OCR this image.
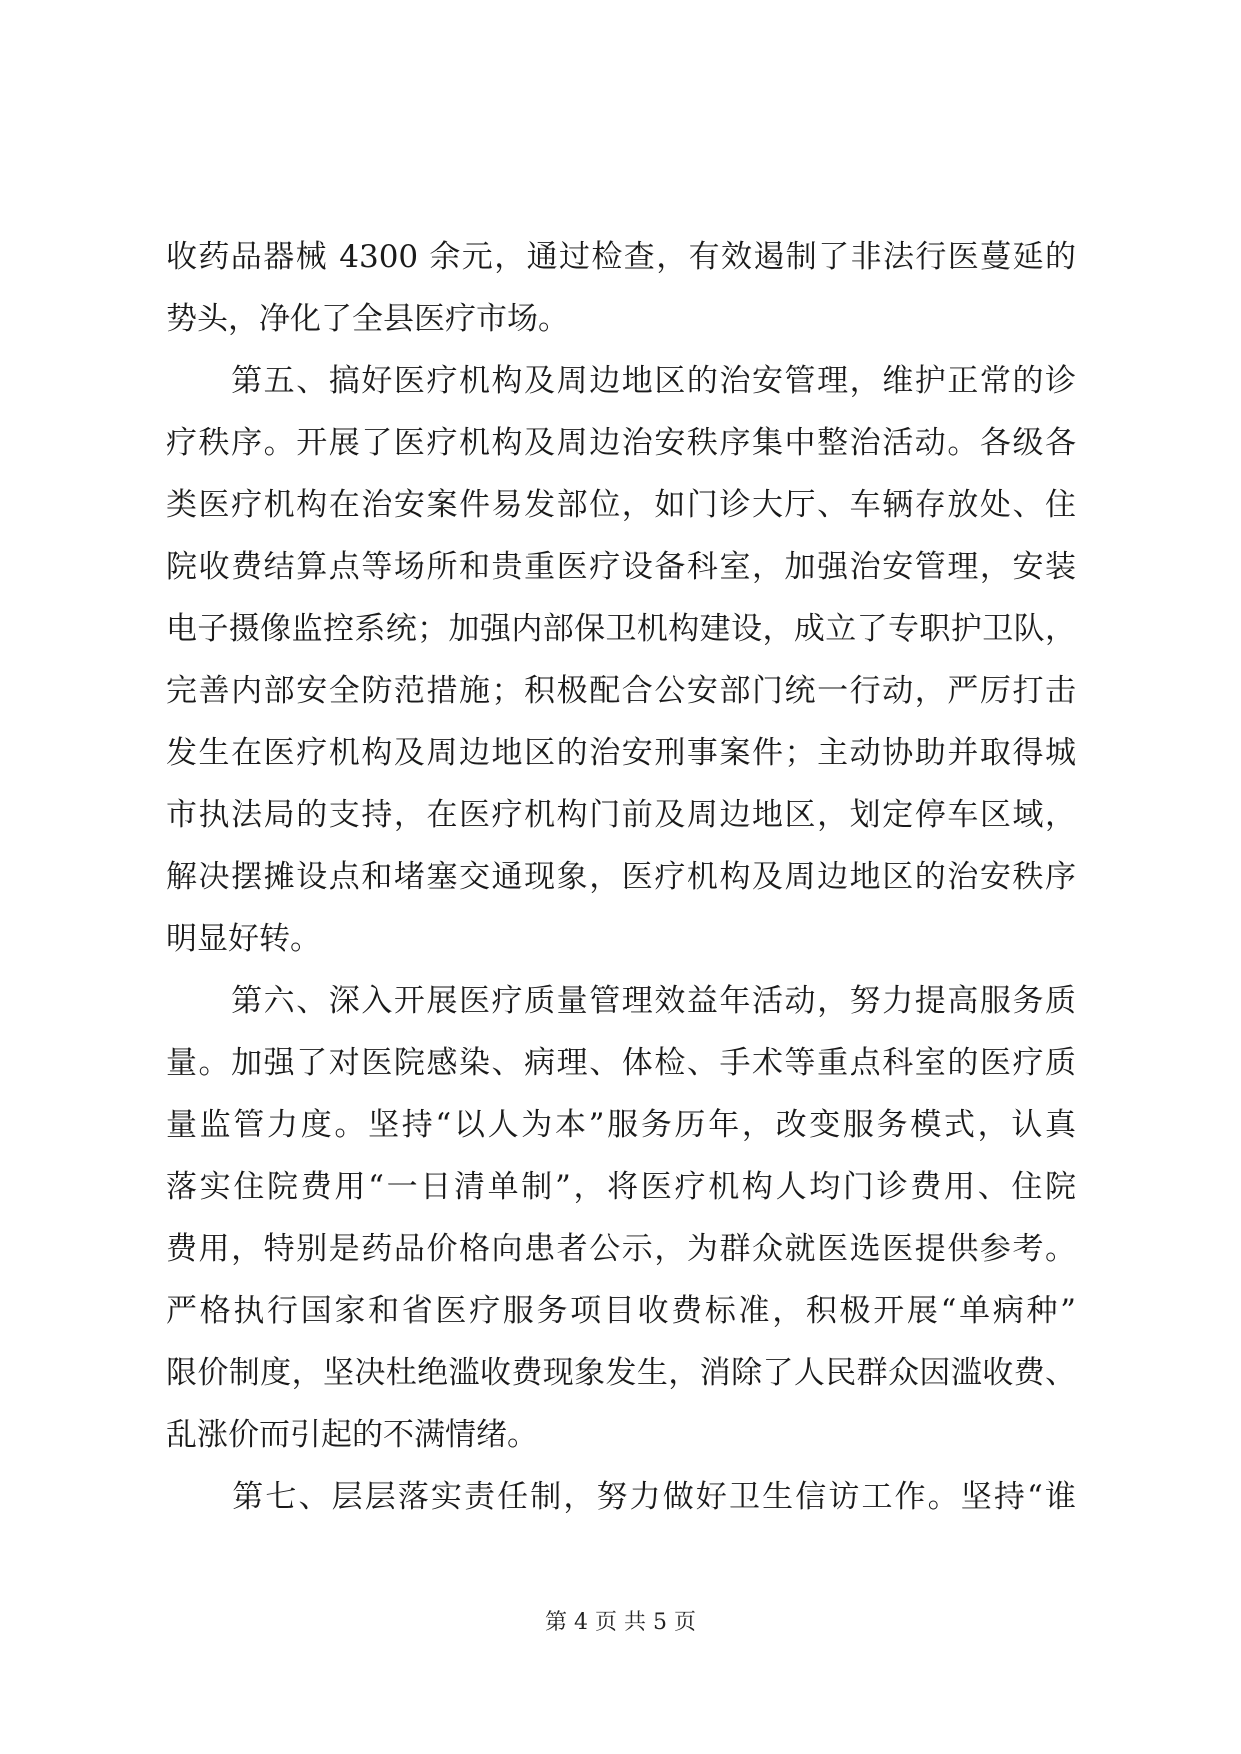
收药品器械 4300 余元，通过检查，有效遏制了非法行医蔓延的
势头，净化了全县医疗市场。
　　第五、搞好医疗机构及周边地区的治安管理，维护正常的诊
疗秩序。开展了医疗机构及周边治安秩序集中整治活动。各级各
类医疗机构在治安案件易发部位，如门诊大厅、车辆存放处、住
院收费结算点等场所和贵重医疗设备科室，加强治安管理，安装
电子摄像监控系统；加强内部保卫机构建设，成立了专职护卫队，
完善内部安全防范措施；积极配合公安部门统一行动，严厉打击
发生在医疗机构及周边地区的治安刑事案件；主动协助并取得城
市执法局的支持，在医疗机构门前及周边地区，划定停车区域，
解决摆摊设点和堵塞交通现象，医疗机构及周边地区的治安秩序
明显好转。
　　第六、深入开展医疗质量管理效益年活动，努力提高服务质
量。加强了对医院感染、病理、体检、手术等重点科室的医疗质
量监管力度。坚持“以人为本”服务历年，改变服务模式，认真
落实住院费用“一日清单制”，将医疗机构人均门诊费用、住院
费用，特别是药品价格向患者公示，为群众就医选医提供参考。
严格执行国家和省医疗服务项目收费标准，积极开展“单病种”
限价制度，坚决杜绝滥收费现象发生，消除了人民群众因滥收费、
乱涨价而引起的不满情绪。
　　第七、层层落实责任制，努力做好卫生信访工作。坚持“谁
第 4 页 共 5 页
